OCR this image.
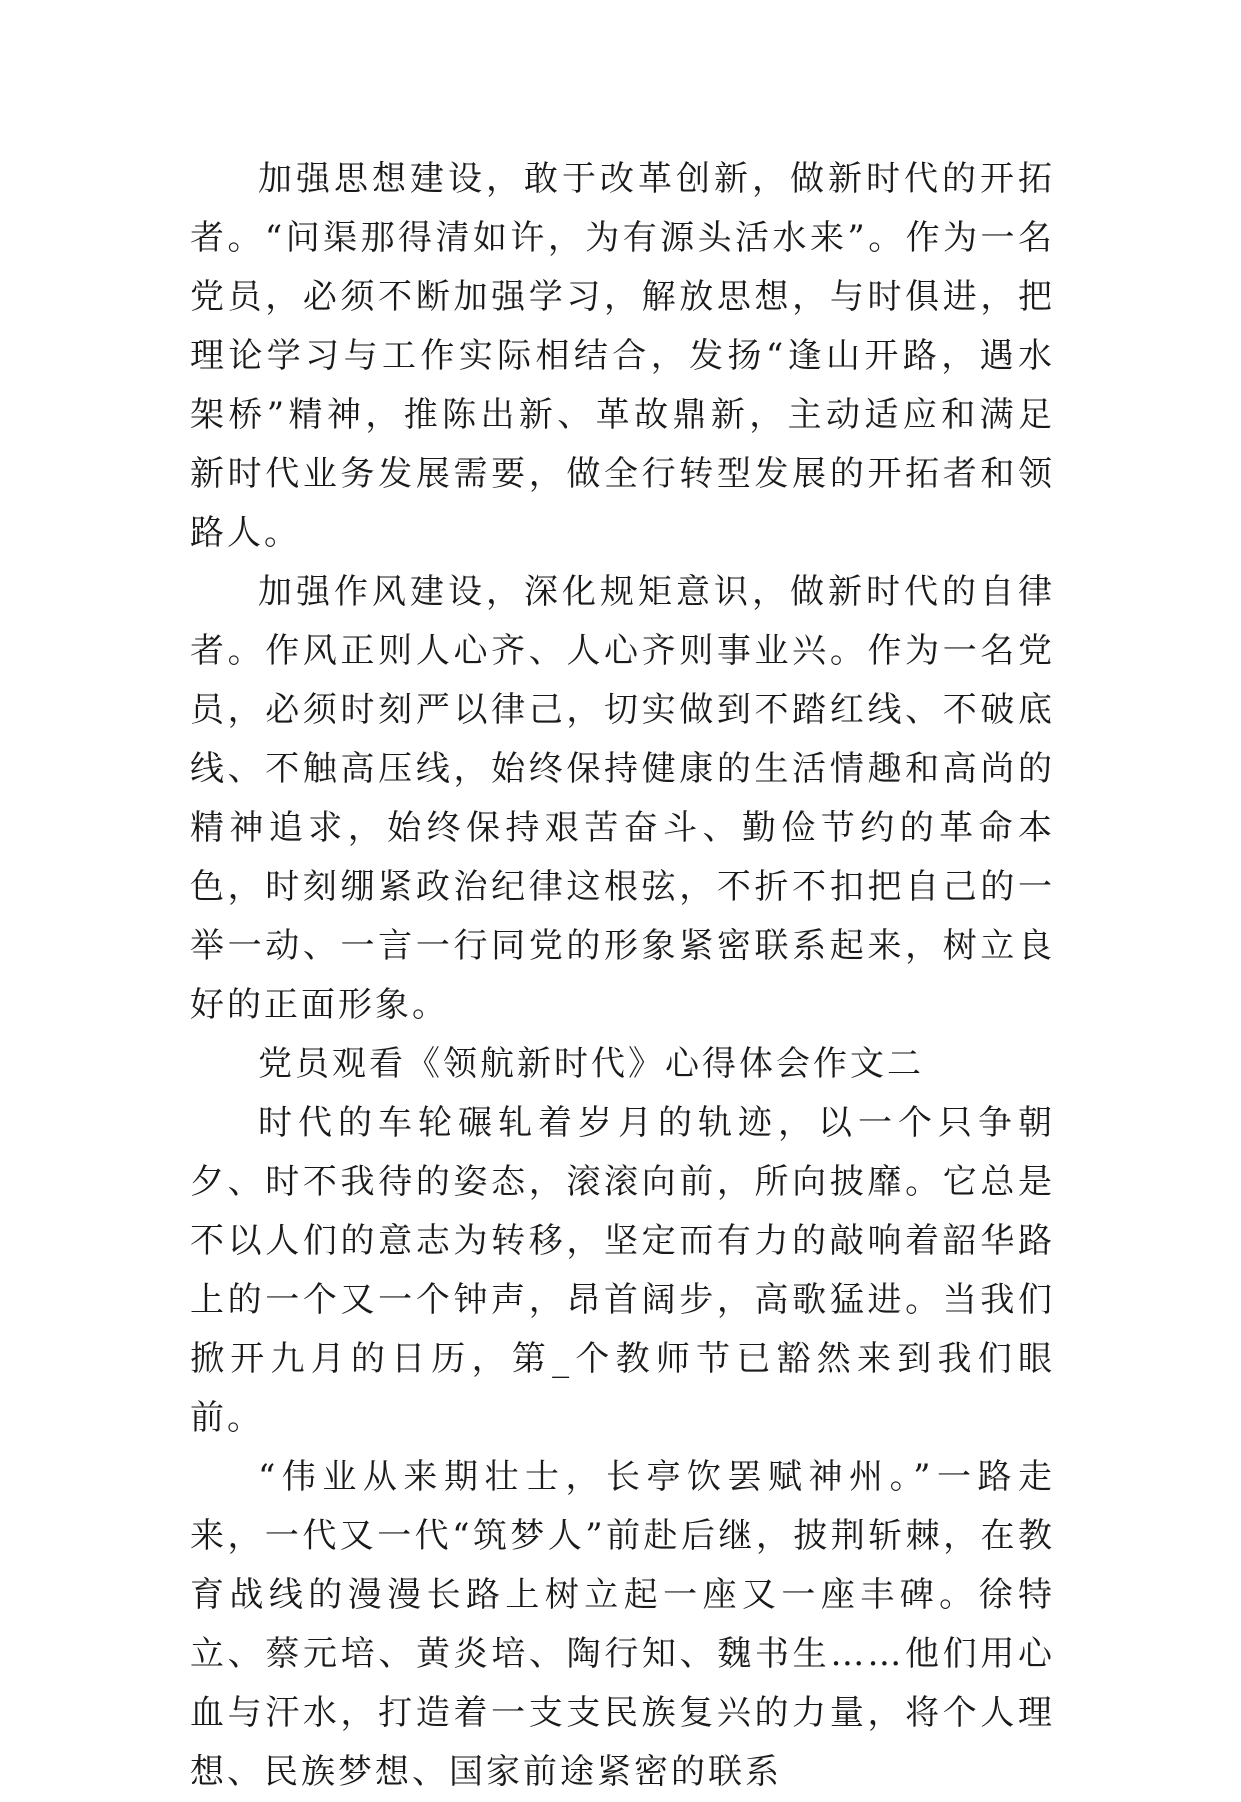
加强思想建设，敢于改革创新，做新时代的开拓者。“问渠那得清如许，为有源头活水来”。作为一名党员，必须不断加强学习，解放思想，与时俱进，把理论学习与工作实际相结合，发扬“逢山开路，遇水架桥”精神，推陈出新、革故鼎新，主动适应和满足新时代业务发展需要，做全行转型发展的开拓者和领路人。

加强作风建设，深化规矩意识，做新时代的自律者。作风正则人心齐、人心齐则事业兴。作为一名党员，必须时刻严以律己，切实做到不踏红线、不破底线、不触高压线，始终保持健康的生活情趣和高尚的精神追求，始终保持艰苦奋斗、勤俭节约的革命本色，时刻绷紧政治纪律这根弦，不折不扣把自己的一举一动、一言一行同党的形象紧密联系起来，树立良好的正面形象。

党员观看《领航新时代》心得体会作文二

时代的车轮碾轧着岁月的轨迹，以一个只争朝夕、时不我待的姿态，滚滚向前，所向披靡。它总是不以人们的意志为转移，坚定而有力的敲响着韶华路上的一个又一个钟声，昂首阔步，高歌猛进。当我们掀开九月的日历，第_个教师节已豁然来到我们眼前。

“伟业从来期壮士，长亭饮罢赋神州。”一路走来，一代又一代“筑梦人”前赴后继，披荆斩棘，在教育战线的漫漫长路上树立起一座又一座丰碑。徐特立、蔡元培、黄炎培、陶行知、魏书生……他们用心血与汗水，打造着一支支民族复兴的力量，将个人理想、民族梦想、国家前途紧密的联系
